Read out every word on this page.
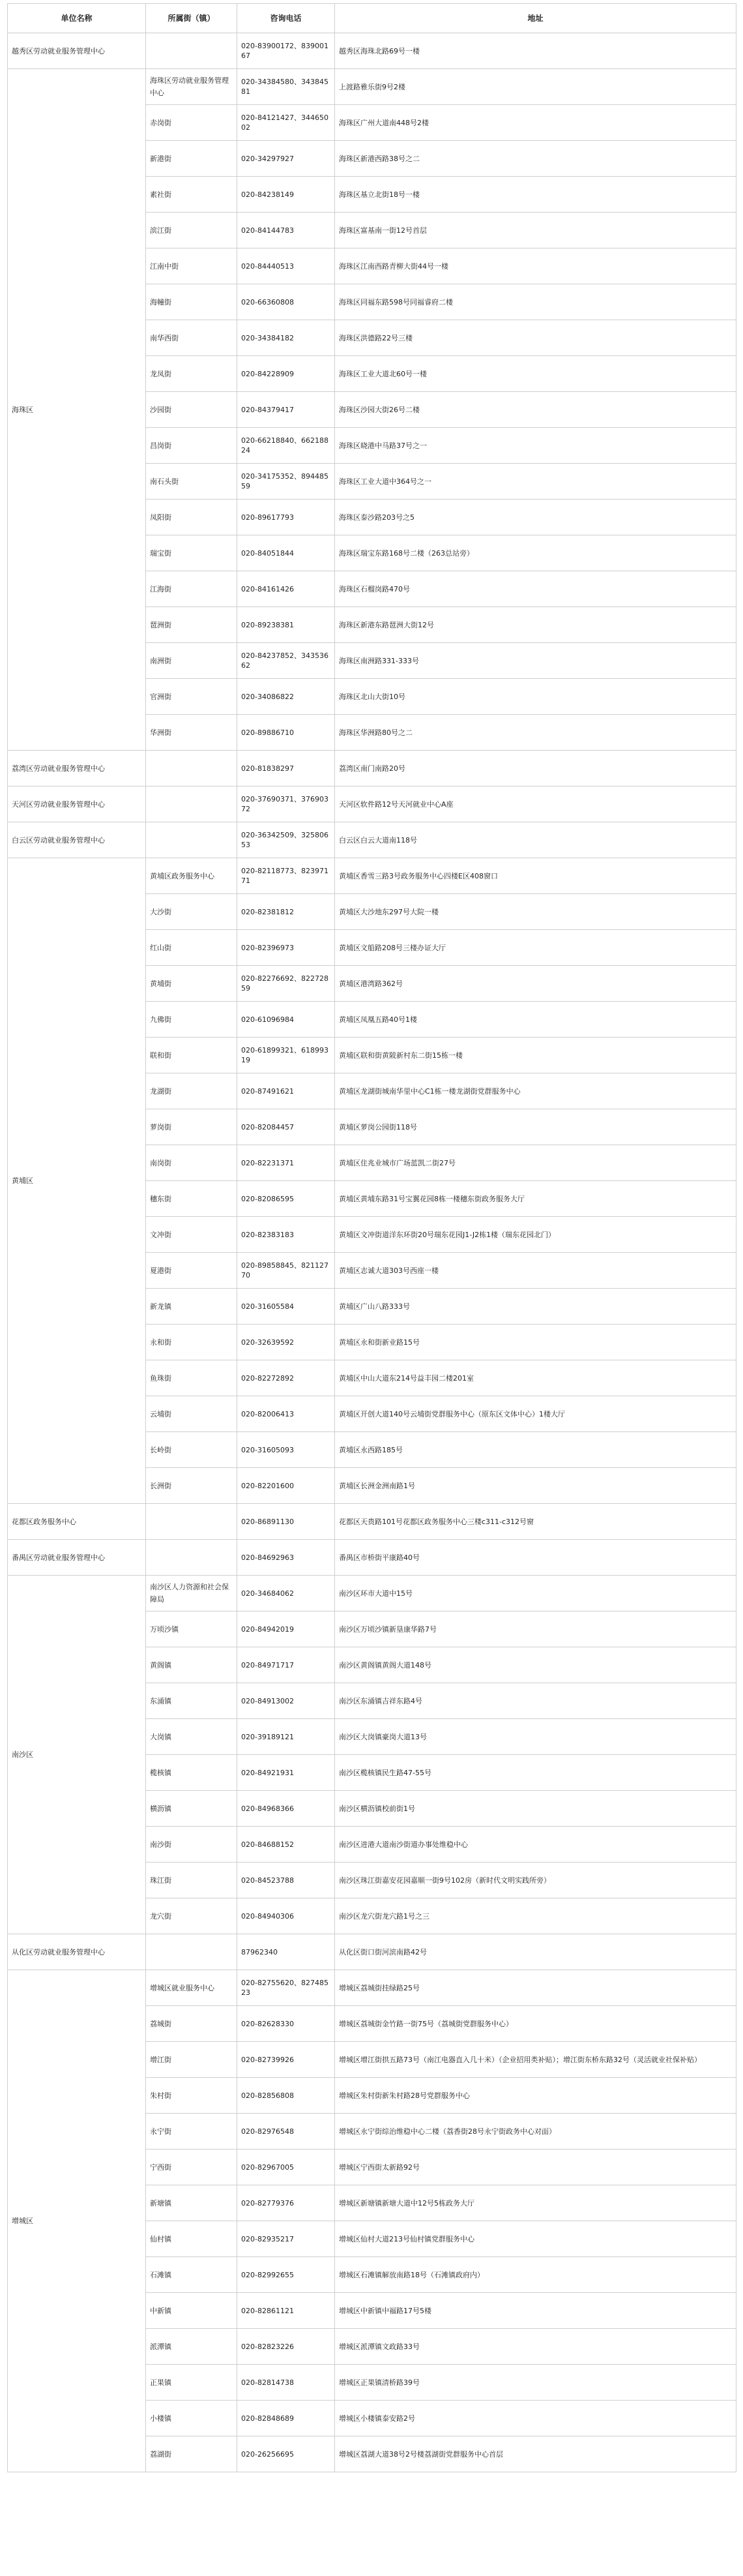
单位名称	所属街（镇）	咨询电话	地址
越秀区劳动就业服务管理中心		020-83900172、83900167	越秀区海珠北路69号一楼
海珠区	海珠区劳动就业服务管理中心	020-34384580、34384581	上渡路雅乐街9号2楼
	赤岗街	020-84121427、34465002	海珠区广州大道南448号2楼
	新港街	020-34297927	海珠区新港西路38号之二
	素社街	020-84238149	海珠区基立北街18号一楼
	滨江街	020-84144783	海珠区富基南一街12号首层
	江南中街	020-84440513	海珠区江南西路青柳大街44号一楼
	海幢街	020-66360808	海珠区同福东路598号同福睿府二楼
	南华西街	020-34384182	海珠区洪德路22号三楼
	龙凤街	020-84228909	海珠区工业大道北60号一楼
	沙园街	020-84379417	海珠区沙园大街26号二楼
	昌岗街	020-66218840、66218824	海珠区晓港中马路37号之一
	南石头街	020-34175352、89448559	海珠区工业大道中364号之一
	凤阳街	020-89617793	海珠区泰沙路203号之5
	瑞宝街	020-84051844	海珠区瑞宝东路168号二楼（263总站旁）
	江海街	020-84161426	海珠区石榴岗路470号
	琶洲街	020-89238381	海珠区新港东路琶洲大街12号
	南洲街	020-84237852、34353662	海珠区南洲路331-333号
	官洲街	020-34086822	海珠区北山大街10号
	华洲街	020-89886710	海珠区华洲路80号之二
荔湾区劳动就业服务管理中心		020-81838297	荔湾区南门南路20号
天河区劳动就业服务管理中心		020-37690371、37690372	天河区软件路12号天河就业中心A座
白云区劳动就业服务管理中心		020-36342509、32580653	白云区白云大道南118号
黄埔区	黄埔区政务服务中心	020-82118773、82397171	黄埔区香雪三路3号政务服务中心四楼E区408窗口
	大沙街	020-82381812	黄埔区大沙地东297号大院一楼
	红山街	020-82396973	黄埔区文船路208号三楼办证大厅
	黄埔街	020-82276692、82272859	黄埔区港湾路362号
	九佛街	020-61096984	黄埔区凤凰五路40号1楼
	联和街	020-61899321、61899319	黄埔区联和街黄陂新村东二街15栋一楼
	龙湖街	020-87491621	黄埔区龙湖街城南华里中心C1栋一楼龙湖街党群服务中心
	萝岗街	020-82084457	黄埔区萝岗公园街118号
	南岗街	020-82231371	黄埔区住兆业城市广场蓝凯二街27号
	穗东街	020-82086595	黄埔区黄埔东路31号宝翼花园8栋一楼穗东街政务服务大厅
	文冲街	020-82383183	黄埔区文冲街道洋东环街20号瑞东花园J1-J2栋1楼（瑞东花园北门）
	夏港街	020-89858845、82112770	黄埔区志诚大道303号西座一楼
	新龙镇	020-31605584	黄埔区广山八路333号
	永和街	020-32639592	黄埔区永和街新业路15号
	鱼珠街	020-82272892	黄埔区中山大道东214号益丰园二楼201室
	云埔街	020-82006413	黄埔区开创大道140号云埔街党群服务中心（原东区文体中心）1楼大厅
	长岭街	020-31605093	黄埔区永西路185号
	长洲街	020-82201600	黄埔区长洲金洲南路1号
花都区政务服务中心		020-86891130	花都区天贵路101号花都区政务服务中心三楼c311-c312号窗
番禺区劳动就业服务管理中心		020-84692963	番禺区市桥街平康路40号
南沙区	南沙区人力资源和社会保障局	020-34684062	南沙区环市大道中15号
	万顷沙镇	020-84942019	南沙区万顷沙镇新垦康华路7号
	黄阁镇	020-84971717	南沙区黄阁镇黄阁大道148号
	东涌镇	020-84913002	南沙区东涌镇吉祥东路4号
	大岗镇	020-39189121	南沙区大岗镇豪岗大道13号
	榄核镇	020-84921931	南沙区榄核镇民生路47-55号
	横沥镇	020-84968366	南沙区横沥镇校前街1号
	南沙街	020-84688152	南沙区进港大道南沙街道办事处维稳中心
	珠江街	020-84523788	南沙区珠江街嘉安花园嘉顺一街9号102房（新时代文明实践所旁）
	龙穴街	020-84940306	南沙区龙穴街龙穴路1号之三
从化区劳动就业服务管理中心		87962340	从化区街口街河滨南路42号
增城区	增城区就业服务中心	020-82755620、82748523	增城区荔城街挂绿路25号
	荔城街	020-82628330	增城区荔城街金竹路一街75号（荔城街党群服务中心）
	增江街	020-82739926	增城区增江街拱五路73号（南江电器直入几十米）（企业招用类补贴）；增江街东桥东路32号（灵活就业社保补贴）
	朱村街	020-82856808	增城区朱村街新朱村路28号党群服务中心
	永宁街	020-82976548	增城区永宁街综治维稳中心二楼（荔香街28号永宁街政务中心对面）
	宁西街	020-82967005	增城区宁西街太新路92号
	新塘镇	020-82779376	增城区新塘镇新塘大道中12号5栋政务大厅
	仙村镇	020-82935217	增城区仙村大道213号仙村镇党群服务中心
	石滩镇	020-82992655	增城区石滩镇解放南路18号（石滩镇政府内）
	中新镇	020-82861121	增城区中新镇中福路17号5楼
	派潭镇	020-82823226	增城区派潭镇文政路33号
	正果镇	020-82814738	增城区正果镇清桥路39号
	小楼镇	020-82848689	增城区小楼镇泰安路2号
	荔湖街	020-26256695	增城区荔湖大道38号2号楼荔湖街党群服务中心首层
